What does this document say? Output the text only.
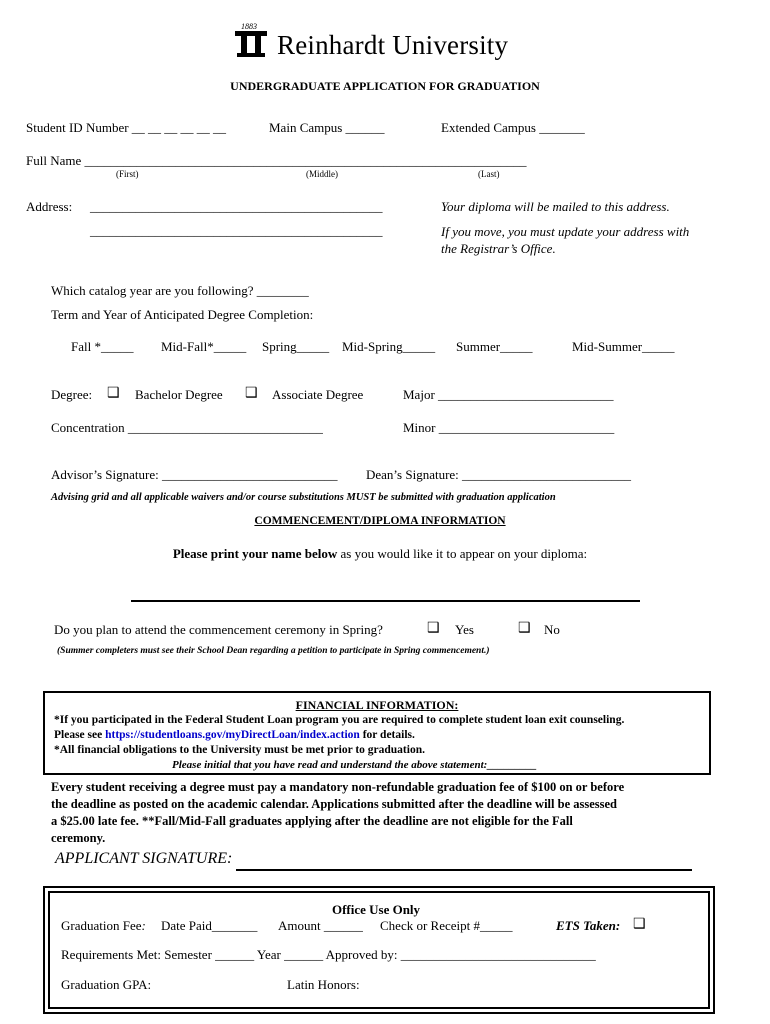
1883
Reinhardt University
UNDERGRADUATE APPLICATION FOR GRADUATION
Student ID Number __ __ __ __ __ __	Main Campus ______	Extended Campus _______
Full Name ____________________________________________________________________
(First)	(Middle)	(Last)
Address: _____________________________________________
_____________________________________________
Your diploma will be mailed to this address.
If you move, you must update your address with
the Registrar’s Office.
Which catalog year are you following? ________
Term and Year of Anticipated Degree Completion:
Fall *_____ Mid-Fall*_____ Spring_____ Mid-Spring_____ Summer_____	Mid-Summer_____
Degree: ❑ Bachelor Degree ❑ Associate Degree	Major ___________________________
Concentration ______________________________	Minor ___________________________
Advisor’s Signature: ___________________________ Dean’s Signature: __________________________
Advising grid and all applicable waivers and/or course substitutions MUST be submitted with graduation application
COMMENCEMENT/DIPLOMA INFORMATION
Please print your name below as you would like it to appear on your diploma:
Do you plan to attend the commencement ceremony in Spring?	❑ Yes	❑ No
(Summer completers must see their School Dean regarding a petition to participate in Spring commencement.)
FINANCIAL INFORMATION:
*If you participated in the Federal Student Loan program you are required to complete student loan exit counseling.
Please see https://studentloans.gov/myDirectLoan/index.action for details.
*All financial obligations to the University must be met prior to graduation.
Please initial that you have read and understand the above statement:_________
Every student receiving a degree must pay a mandatory non-refundable graduation fee of $100 on or before
the deadline as posted on the academic calendar. Applications submitted after the deadline will be assessed
a $25.00 late fee. **Fall/Mid-Fall graduates applying after the deadline are not eligible for the Fall
ceremony.
APPLICANT SIGNATURE:
Office Use Only
Graduation Fee: Date Paid_______ Amount ______ Check or Receipt #_____	ETS Taken: ❑
Requirements Met: Semester ______ Year ______ Approved by: ______________________________
Graduation GPA:	Latin Honors:
